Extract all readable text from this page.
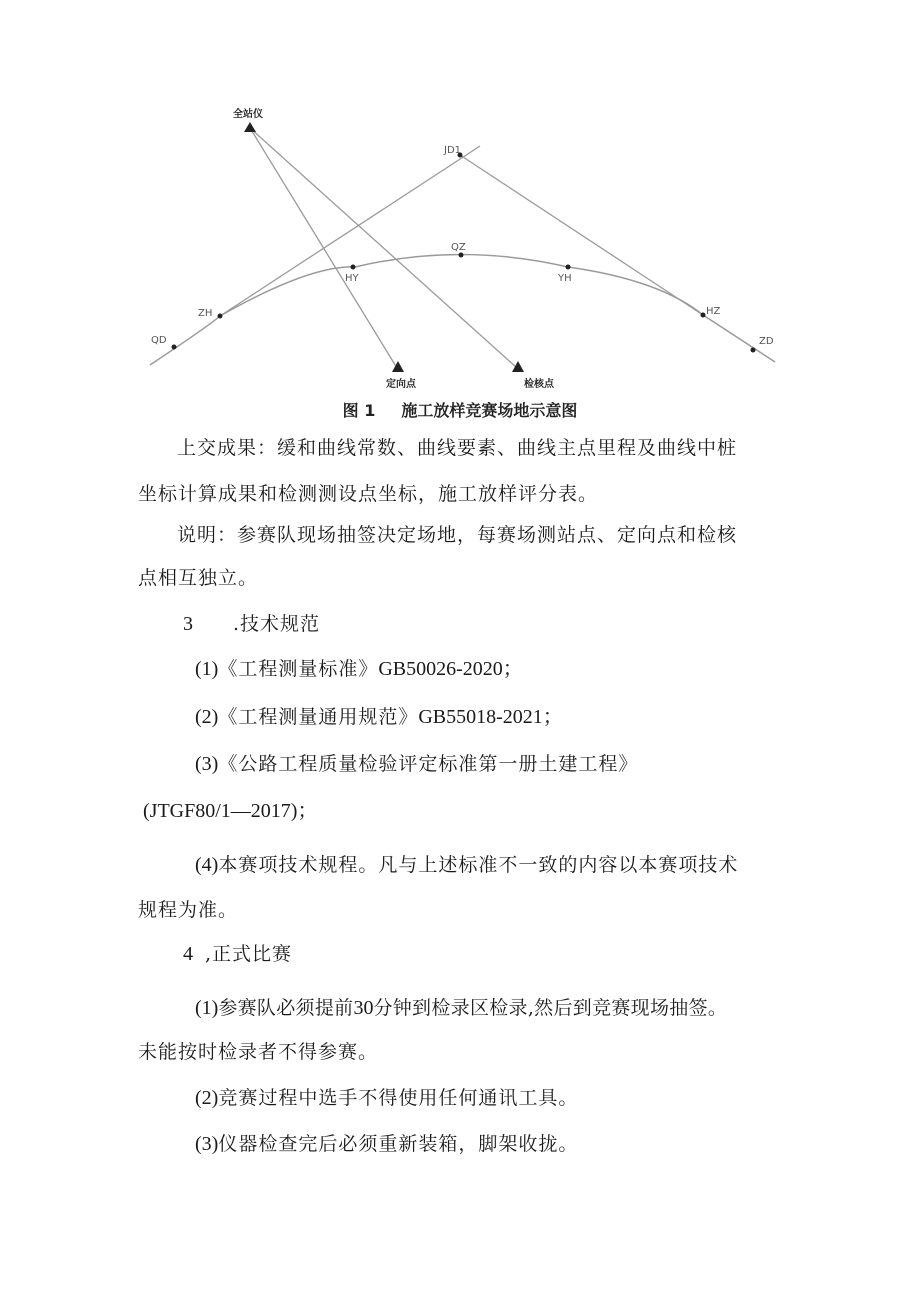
全站仪
JD1
QZ
HY	YH
ZH	HZ
QD	ZD
定向点	检核点
图 1 施工放样竞赛场地示意图
上交成果：缓和曲线常数、曲线要素、曲线主点里程及曲线中桩
坐标计算成果和检测测设点坐标，施工放样评分表。
说明：参赛队现场抽签决定场地，每赛场测站点、定向点和检核
点相互独立。
3 .技术规范
(1)《工程测量标准》GB50026-2020；
(2)《工程测量通用规范》GB55018-2021；
(3)《公路工程质量检验评定标准第一册土建工程》
(JTGF80/1—2017)；
(4)本赛项技术规程。凡与上述标准不一致的内容以本赛项技术
规程为准。
4 ,正式比赛
(1)参赛队必须提前30分钟到检录区检录,然后到竞赛现场抽签。
未能按时检录者不得参赛。
(2)竞赛过程中选手不得使用任何通讯工具。
(3)仪器检查完后必须重新装箱，脚架收拢。
